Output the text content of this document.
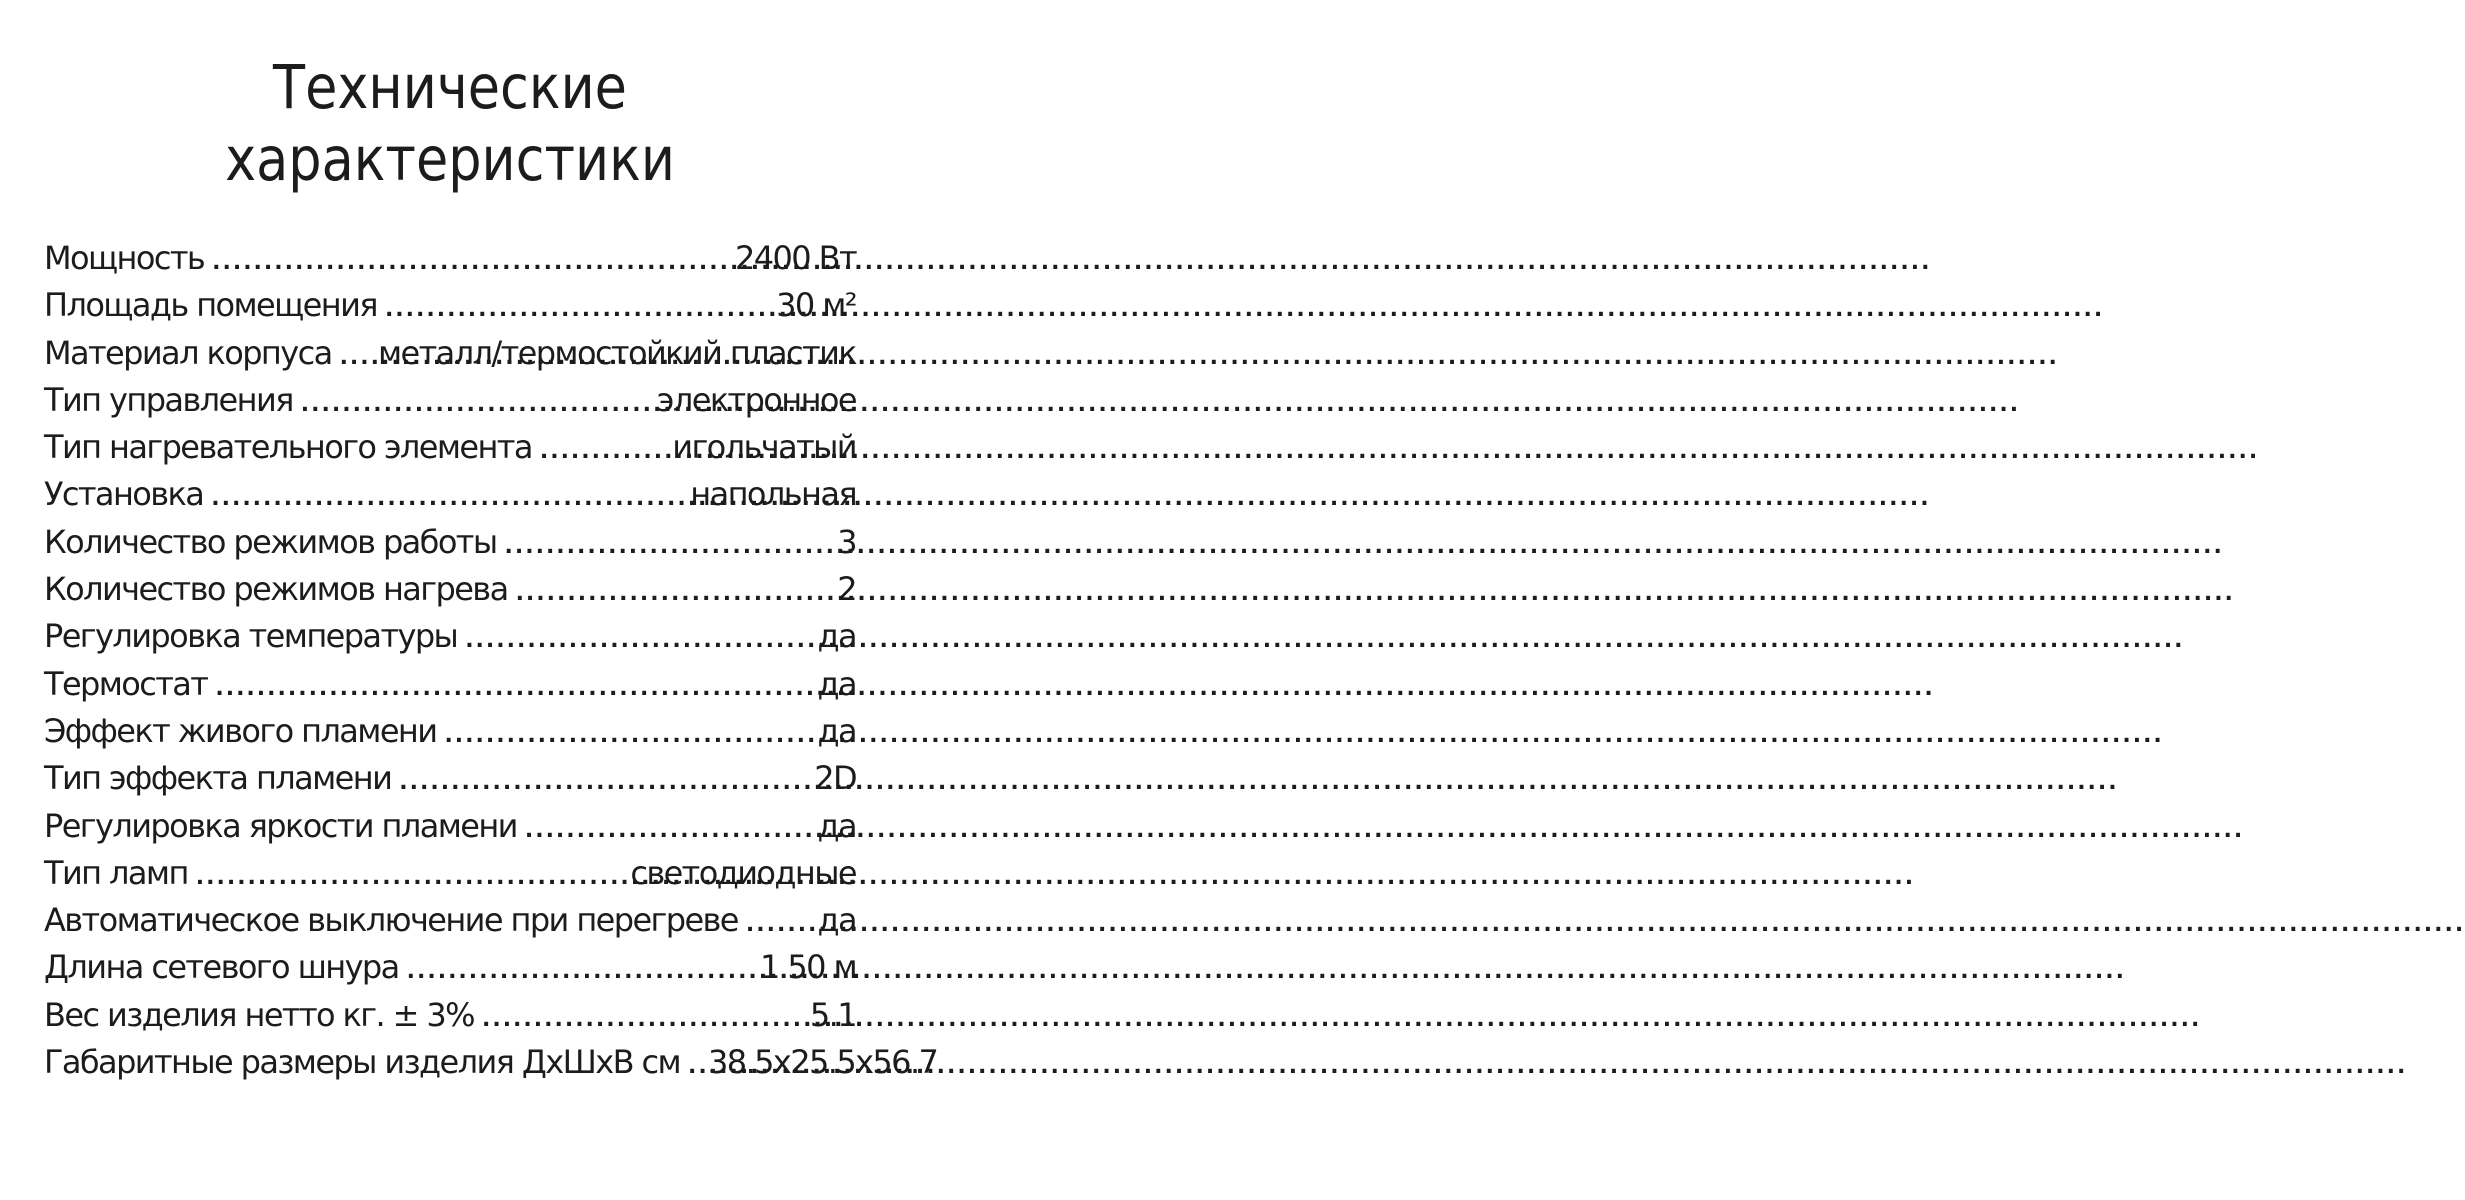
Технические
характеристики
Мощность .....	2400 Вт
Площадь помещения .....	30 м²
Материал корпуса ..... металл/термостойкий пластик
Тип управления .....	электронное
Тип нагревательного элемента .....	игольчатый
Установка .....	напольная
Количество режимов работы .....	3
Количество режимов нагрева .....	2
Регулировка температуры .....	да
Термостат .....	да
Эффект живого пламени .....	да
Тип эффекта пламени .....	2D
Регулировка яркости пламени .....	да
Тип ламп .....	светодиодные
Автоматическое выключение при перегреве ..... да
Длина сетевого шнура .....	1.50 м
Вес изделия нетто кг. ± 3% .....	5.1
Габаритные размеры изделия ДхШхВ см ..... 38.5x25.5x56.7
